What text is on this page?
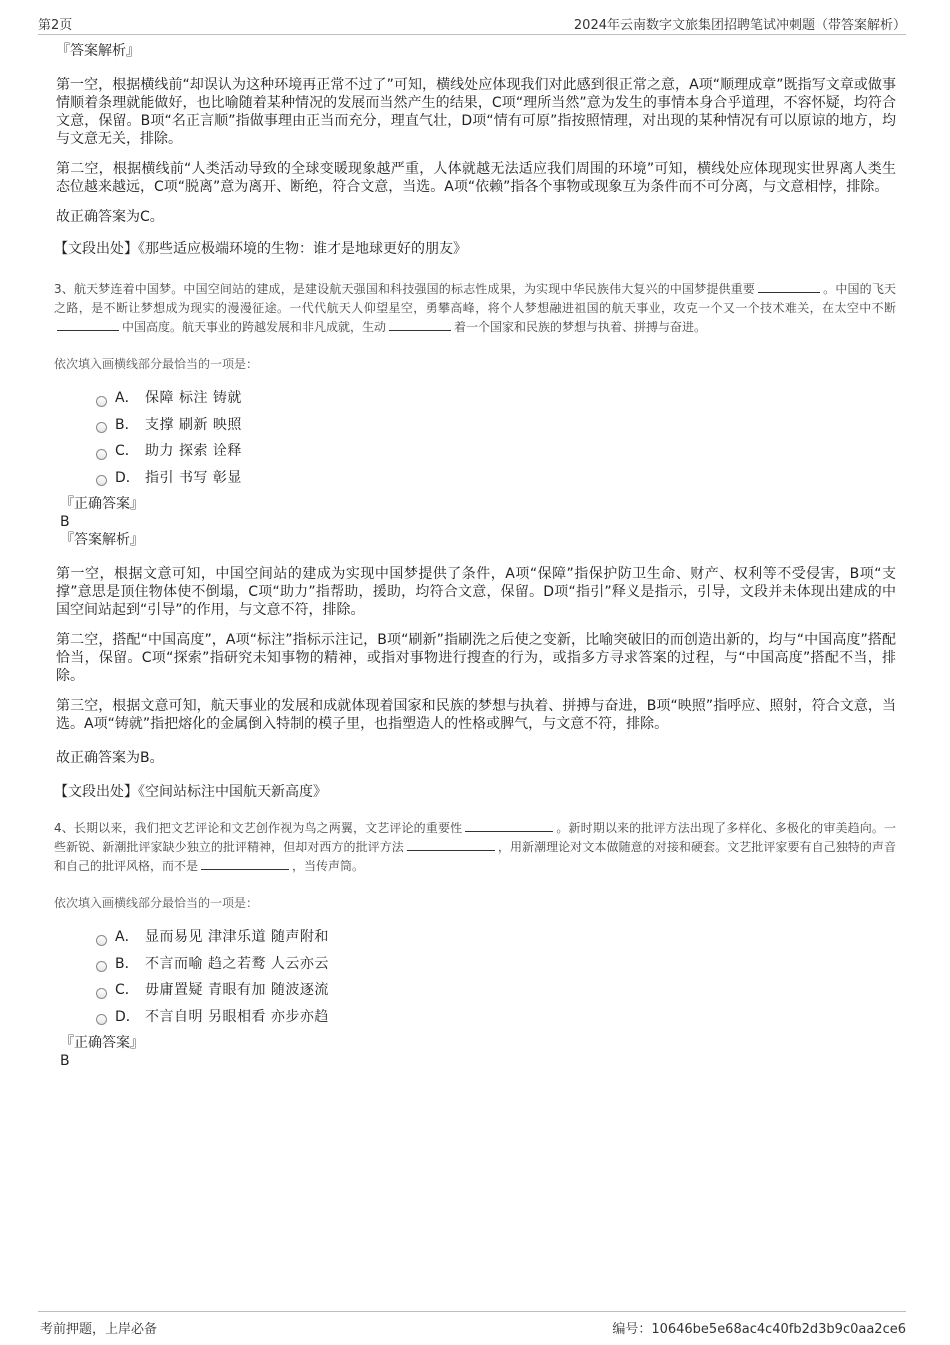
第2页	2024年云南数字文旅集团招聘笔试冲刺题（带答案解析）

『答案解析』

第一空，根据横线前“却误认为这种环境再正常不过了”可知，横线处应体现我们对此感到很正常之意，A项“顺理成章”既指写文章或做事情顺着条理就能做好，也比喻随着某种情况的发展而当然产生的结果，C项“理所当然”意为发生的事情本身合乎道理，不容怀疑，均符合文意，保留。B项“名正言顺”指做事理由正当而充分，理直气壮，D项“情有可原”指按照情理，对出现的某种情况有可以原谅的地方，均与文意无关，排除。

第二空，根据横线前“人类活动导致的全球变暖现象越严重，人体就越无法适应我们周围的环境”可知，横线处应体现现实世界离人类生态位越来越远，C项“脱离”意为离开、断绝，符合文意，当选。A项“依赖”指各个事物或现象互为条件而不可分离，与文意相悖，排除。

故正确答案为C。

【文段出处】《那些适应极端环境的生物：谁才是地球更好的朋友》

3、航天梦连着中国梦。中国空间站的建成，是建设航天强国和科技强国的标志性成果，为实现中华民族伟大复兴的中国梦提供重要	。中国的飞天之路，是不断让梦想成为现实的漫漫征途。一代代航天人仰望星空，勇攀高峰，将个人梦想融进祖国的航天事业，攻克一个又一个技术难关，在太空中不断中国高度。航天事业的跨越发展和非凡成就，生动	着一个国家和民族的梦想与执着、拼搏与奋进。

依次填入画横线部分最恰当的一项是：

A． 保障 标注 铸就
B． 支撑 刷新 映照
C． 助力 探索 诠释
D． 指引 书写 彰显

『正确答案』

B

『答案解析』

第一空，根据文意可知，中国空间站的建成为实现中国梦提供了条件，A项“保障”指保护防卫生命、财产、权利等不受侵害，B项“支撑”意思是顶住物体使不倒塌，C项“助力”指帮助，援助，均符合文意，保留。D项“指引”释义是指示，引导，文段并未体现出建成的中国空间站起到“引导”的作用，与文意不符，排除。

第二空，搭配“中国高度”，A项“标注”指标示注记，B项“刷新”指刷洗之后使之变新，比喻突破旧的而创造出新的，均与“中国高度”搭配恰当，保留。C项“探索”指研究未知事物的精神，或指对事物进行搜查的行为，或指多方寻求答案的过程，与“中国高度”搭配不当，排除。

第三空，根据文意可知，航天事业的发展和成就体现着国家和民族的梦想与执着、拼搏与奋进，B项“映照”指呼应、照射，符合文意，当选。A项“铸就”指把熔化的金属倒入特制的模子里，也指塑造人的性格或脾气，与文意不符，排除。

故正确答案为B。

【文段出处】《空间站标注中国航天新高度》

4、长期以来，我们把文艺评论和文艺创作视为鸟之两翼，文艺评论的重要性	。新时期以来的批评方法出现了多样化、多极化的审美趋向。一些新锐、新潮批评家缺少独立的批评精神，但却对西方的批评方法	，用新潮理论对文本做随意的对接和硬套。文艺批评家要有自己独特的声音和自己的批评风格，而不是	，当传声筒。

依次填入画横线部分最恰当的一项是：

A． 显而易见 津津乐道 随声附和
B． 不言而喻 趋之若鹜 人云亦云
C． 毋庸置疑 青眼有加 随波逐流
D． 不言自明 另眼相看 亦步亦趋

『正确答案』

B

考前押题，上岸必备	编号：10646be5e68ac4c40fb2d3b9c0aa2ce6
